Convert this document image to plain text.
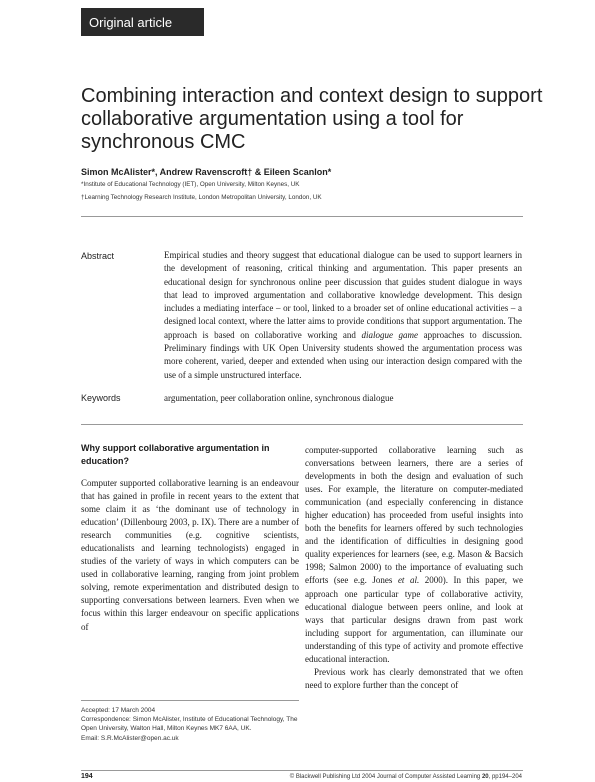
Original article
Combining interaction and context design to support collaborative argumentation using a tool for synchronous CMC
Simon McAlister*, Andrew Ravenscroft† & Eileen Scanlon*
*Institute of Educational Technology (IET), Open University, Milton Keynes, UK
†Learning Technology Research Institute, London Metropolitan University, London, UK
Abstract	Empirical studies and theory suggest that educational dialogue can be used to support learners in the development of reasoning, critical thinking and argumentation. This paper presents an educational design for synchronous online peer discussion that guides student dialogue in ways that lead to improved argumentation and collaborative knowledge development. This design includes a mediating interface – or tool, linked to a broader set of online educational activities – a designed local context, where the latter aims to provide conditions that support argumentation. The approach is based on collaborative working and dialogue game approaches to discussion. Preliminary findings with UK Open University students showed the argumentation process was more coherent, varied, deeper and extended when using our interaction design compared with the use of a simple unstructured interface.

Keywords	argumentation, peer collaboration online, synchronous dialogue
Why support collaborative argumentation in education?

Computer supported collaborative learning is an endeavour that has gained in profile in recent years to the extent that some claim it as ‘the dominant use of technology in education’ (Dillenbourg 2003, p. IX). There are a number of research communities (e.g. cognitive scientists, educationalists and learning technologists) engaged in studies of the variety of ways in which computers can be used in collaborative learning, ranging from joint problem solving, remote experimentation and distributed design to supporting conversations between learners. Even when we focus within this larger endeavour on specific applications of

computer-supported collaborative learning such as conversations between learners, there are a series of developments in both the design and evaluation of such uses. For example, the literature on computer-mediated communication (and especially conferencing in distance higher education) has proceeded from useful insights into both the benefits for learners offered by such technologies and the identification of difficulties in designing good quality experiences for learners (see, e.g. Mason & Bacsich 1998; Salmon 2000) to the importance of evaluating such efforts (see e.g. Jones et al. 2000). In this paper, we approach one particular type of collaborative activity, educational dialogue between peers online, and look at ways that particular designs drawn from past work including support for argumentation, can illuminate our understanding of this type of activity and promote effective educational interaction.

Previous work has clearly demonstrated that we often need to explore further than the concept of

Accepted: 17 March 2004
Correspondence: Simon McAlister, Institute of Educational Technology, The Open University, Walton Hall, Milton Keynes MK7 6AA, UK.
Email: S.R.McAlister@open.ac.uk
194	© Blackwell Publishing Ltd 2004 Journal of Computer Assisted Learning 20, pp194–204
